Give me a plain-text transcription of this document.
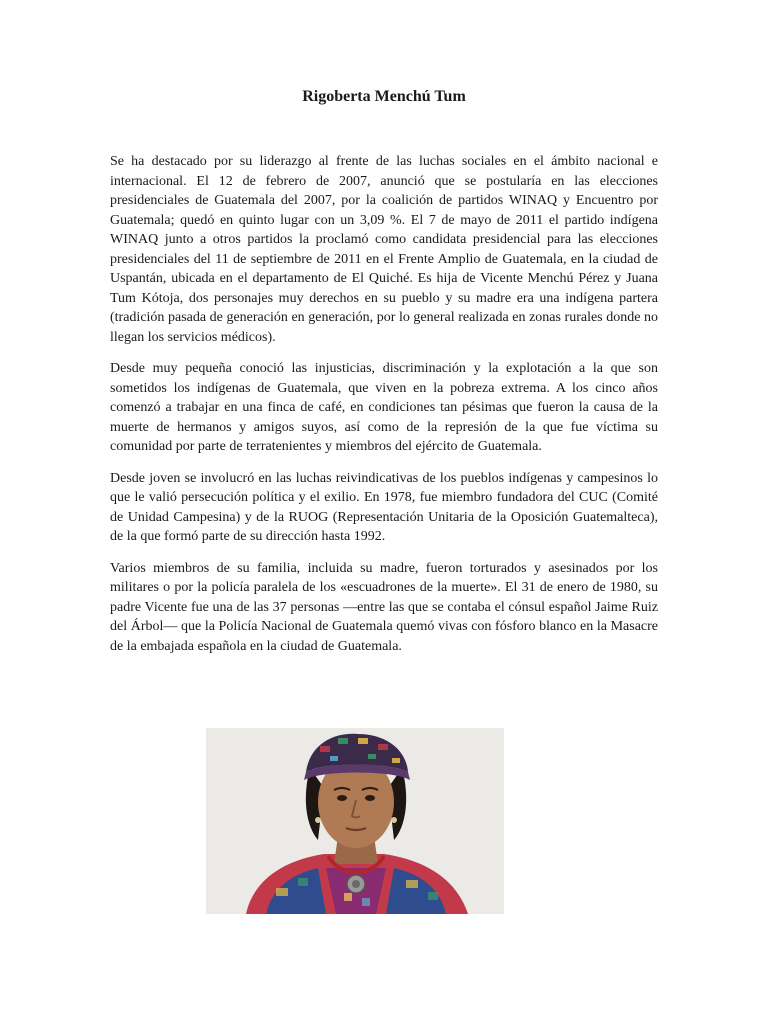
Rigoberta Menchú Tum

Se ha destacado por su liderazgo al frente de las luchas sociales en el ámbito nacional e internacional. El 12 de febrero de 2007, anunció que se postularía en las elecciones presidenciales de Guatemala del 2007, por la coalición de partidos WINAQ y Encuentro por Guatemala; quedó en quinto lugar con un 3,09 %. El 7 de mayo de 2011 el partido indígena WINAQ junto a otros partidos la proclamó como candidata presidencial para las elecciones presidenciales del 11 de septiembre de 2011 en el Frente Amplio de Guatemala, en la ciudad de Uspantán, ubicada en el departamento de El Quiché. Es hija de Vicente Menchú Pérez y Juana Tum Kótoja, dos personajes muy derechos en su pueblo y su madre era una indígena partera (tradición pasada de generación en generación, por lo general realizada en zonas rurales donde no llegan los servicios médicos).

Desde muy pequeña conoció las injusticias, discriminación y la explotación a la que son sometidos los indígenas de Guatemala, que viven en la pobreza extrema. A los cinco años comenzó a trabajar en una finca de café, en condiciones tan pésimas que fueron la causa de la muerte de hermanos y amigos suyos, así como de la represión de la que fue víctima su comunidad por parte de terratenientes y miembros del ejército de Guatemala.

Desde joven se involucró en las luchas reivindicativas de los pueblos indígenas y campesinos lo que le valió persecución política y el exilio. En 1978, fue miembro fundadora del CUC (Comité de Unidad Campesina) y de la RUOG (Representación Unitaria de la Oposición Guatemalteca), de la que formó parte de su dirección hasta 1992.

Varios miembros de su familia, incluida su madre, fueron torturados y asesinados por los militares o por la policía paralela de los «escuadrones de la muerte». El 31 de enero de 1980, su padre Vicente fue una de las 37 personas —entre las que se contaba el cónsul español Jaime Ruiz del Árbol— que la Policía Nacional de Guatemala quemó vivas con fósforo blanco en la Masacre de la embajada española en la ciudad de Guatemala.
